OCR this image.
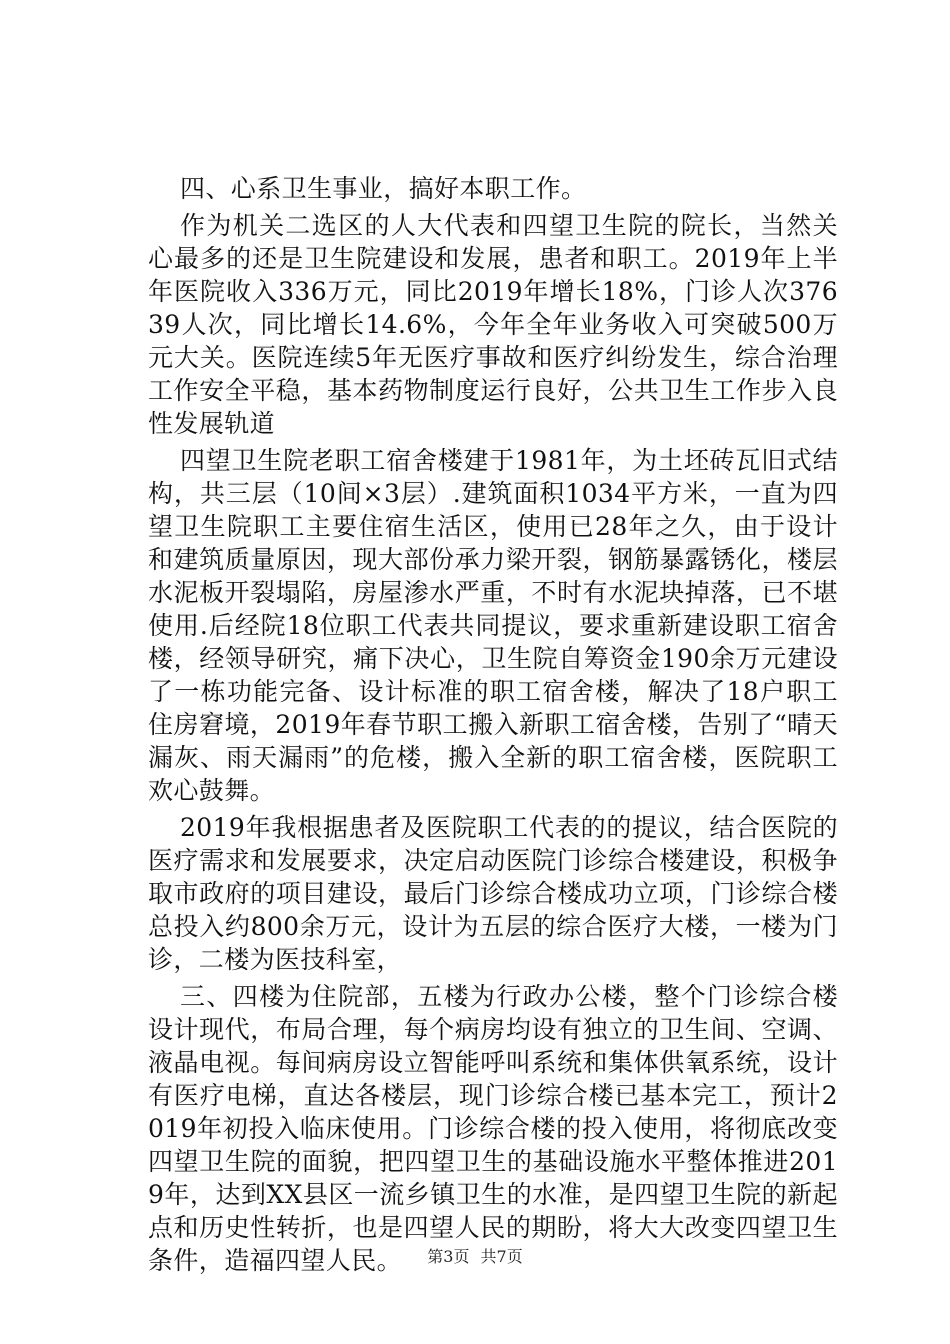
四、心系卫生事业，搞好本职工作。

作为机关二选区的人大代表和四望卫生院的院长，当然关心最多的还是卫生院建设和发展，患者和职工。2019年上半年医院收入336万元，同比2019年增长18%，门诊人次37639人次，同比增长14.6%，今年全年业务收入可突破500万元大关。医院连续5年无医疗事故和医疗纠纷发生，综合治理工作安全平稳，基本药物制度运行良好，公共卫生工作步入良性发展轨道

四望卫生院老职工宿舍楼建于1981年，为土坯砖瓦旧式结构，共三层（10间×3层）.建筑面积1034平方米，一直为四望卫生院职工主要住宿生活区，使用已28年之久，由于设计和建筑质量原因，现大部份承力梁开裂，钢筋暴露锈化，楼层水泥板开裂塌陷，房屋渗水严重，不时有水泥块掉落，已不堪使用.后经院18位职工代表共同提议，要求重新建设职工宿舍楼，经领导研究，痛下决心，卫生院自筹资金190余万元建设了一栋功能完备、设计标准的职工宿舍楼，解决了18户职工住房窘境，2019年春节职工搬入新职工宿舍楼，告别了“晴天漏灰、雨天漏雨”的危楼，搬入全新的职工宿舍楼，医院职工欢心鼓舞。

2019年我根据患者及医院职工代表的的提议，结合医院的医疗需求和发展要求，决定启动医院门诊综合楼建设，积极争取市政府的项目建设，最后门诊综合楼成功立项，门诊综合楼总投入约800余万元，设计为五层的综合医疗大楼，一楼为门诊，二楼为医技科室，

三、四楼为住院部，五楼为行政办公楼，整个门诊综合楼设计现代，布局合理，每个病房均设有独立的卫生间、空调、液晶电视。每间病房设立智能呼叫系统和集体供氧系统，设计有医疗电梯，直达各楼层，现门诊综合楼已基本完工，预计2019年初投入临床使用。门诊综合楼的投入使用，将彻底改变四望卫生院的面貌，把四望卫生的基础设施水平整体推进2019年，达到XX县区一流乡镇卫生的水准，是四望卫生院的新起点和历史性转折，也是四望人民的期盼，将大大改变四望卫生条件，造福四望人民。	第3页 共7页
